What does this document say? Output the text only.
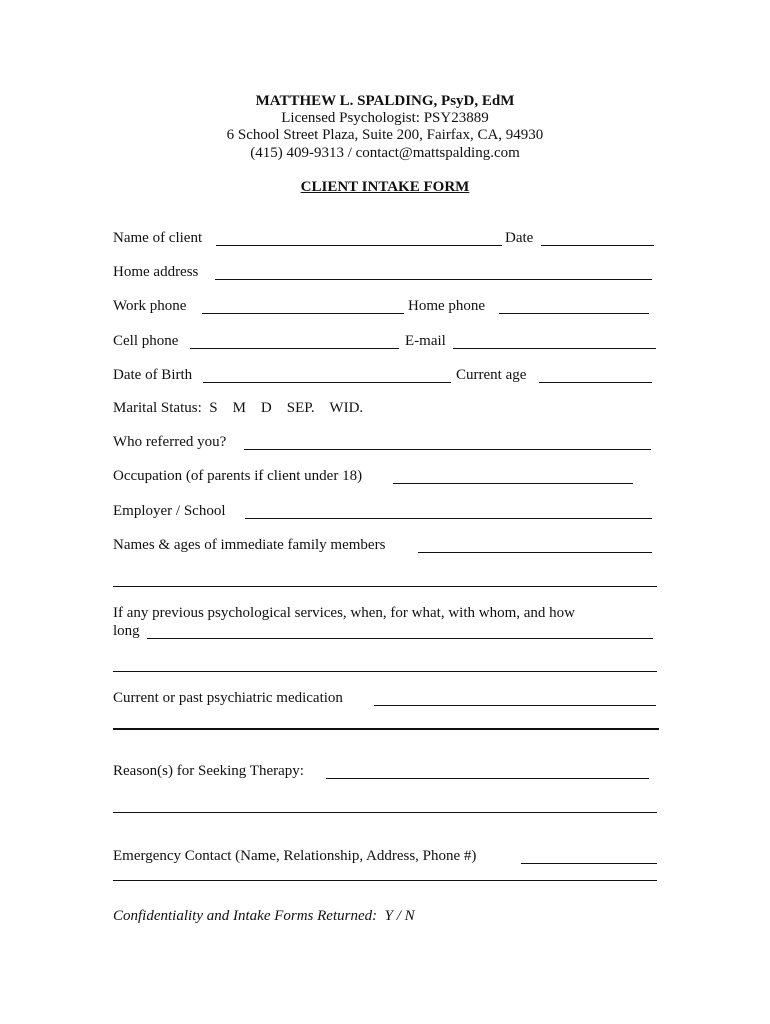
MATTHEW L. SPALDING, PsyD, EdM
Licensed Psychologist: PSY23889
6 School Street Plaza, Suite 200, Fairfax, CA, 94930
(415) 409-9313 / contact@mattspalding.com
CLIENT INTAKE FORM
Name of client	Date
Home address
Work phone	Home phone
Cell phone	E-mail
Date of Birth	Current age
Marital Status:  S    M    D    SEP.    WID.
Who referred you?
Occupation (of parents if client under 18)
Employer / School
Names & ages of immediate family members
If any previous psychological services, when, for what, with whom, and how
long
Current or past psychiatric medication
Reason(s) for Seeking Therapy:
Emergency Contact (Name, Relationship, Address, Phone #)
Confidentiality and Intake Forms Returned:  Y / N
